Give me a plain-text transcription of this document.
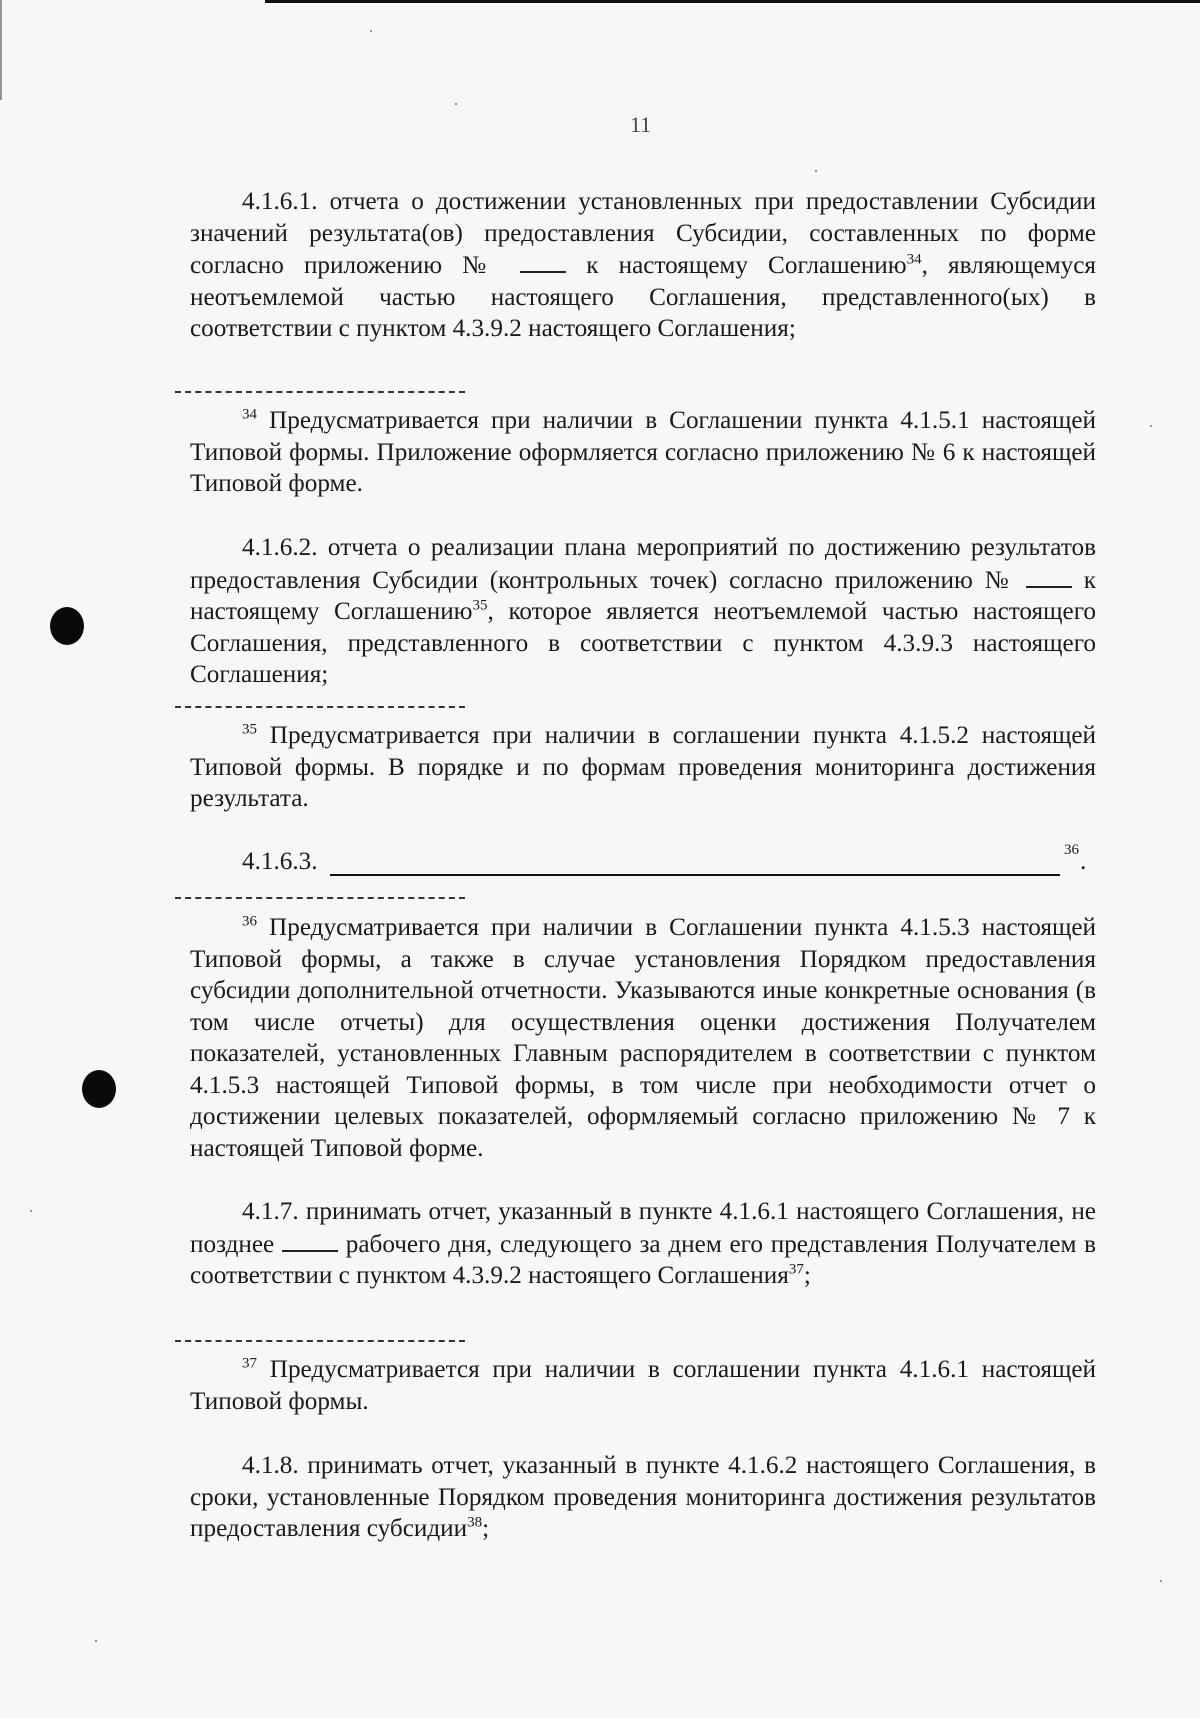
11

4.1.6.1. отчета о достижении установленных при предоставлении Субсидии значений результата(ов) предоставления Субсидии, составленных по форме согласно приложению №	к настоящему Соглашению$^{34}$, являющемуся неотъемлемой частью настоящего Соглашения, представленного(ых) в соответствии с пунктом 4.3.9.2 настоящего Соглашения;

$^{34}$ Предусматривается при наличии в Соглашении пункта 4.1.5.1 настоящей Типовой формы. Приложение оформляется согласно приложению № 6 к настоящей Типовой форме.

4.1.6.2. отчета о реализации плана мероприятий по достижению результатов предоставления Субсидии (контрольных точек) согласно приложению №	к настоящему Соглашению$^{35}$, которое является неотъемлемой частью настоящего Соглашения, представленного в соответствии с пунктом 4.3.9.3 настоящего Соглашения;

$^{35}$ Предусматривается при наличии в соглашении пункта 4.1.5.2 настоящей Типовой формы. В порядке и по формам проведения мониторинга достижения результата.

4.1.6.3.	36 .

$^{36}$ Предусматривается при наличии в Соглашении пункта 4.1.5.3 настоящей Типовой формы, а также в случае установления Порядком предоставления субсидии дополнительной отчетности. Указываются иные конкретные основания (в том числе отчеты) для осуществления оценки достижения Получателем показателей, установленных Главным распорядителем в соответствии с пунктом 4.1.5.3 настоящей Типовой формы, в том числе при необходимости отчет о достижении целевых показателей, оформляемый согласно приложению № 7 к настоящей Типовой форме.

4.1.7. принимать отчет, указанный в пункте 4.1.6.1 настоящего Соглашения, не позднее	рабочего дня, следующего за днем его представления Получателем в соответствии с пунктом 4.3.9.2 настоящего Соглашения$^{37}$;

$^{37}$ Предусматривается при наличии в соглашении пункта 4.1.6.1 настоящей Типовой формы.

4.1.8. принимать отчет, указанный в пункте 4.1.6.2 настоящего Соглашения, в сроки, установленные Порядком проведения мониторинга достижения результатов предоставления субсидии$^{38}$;
